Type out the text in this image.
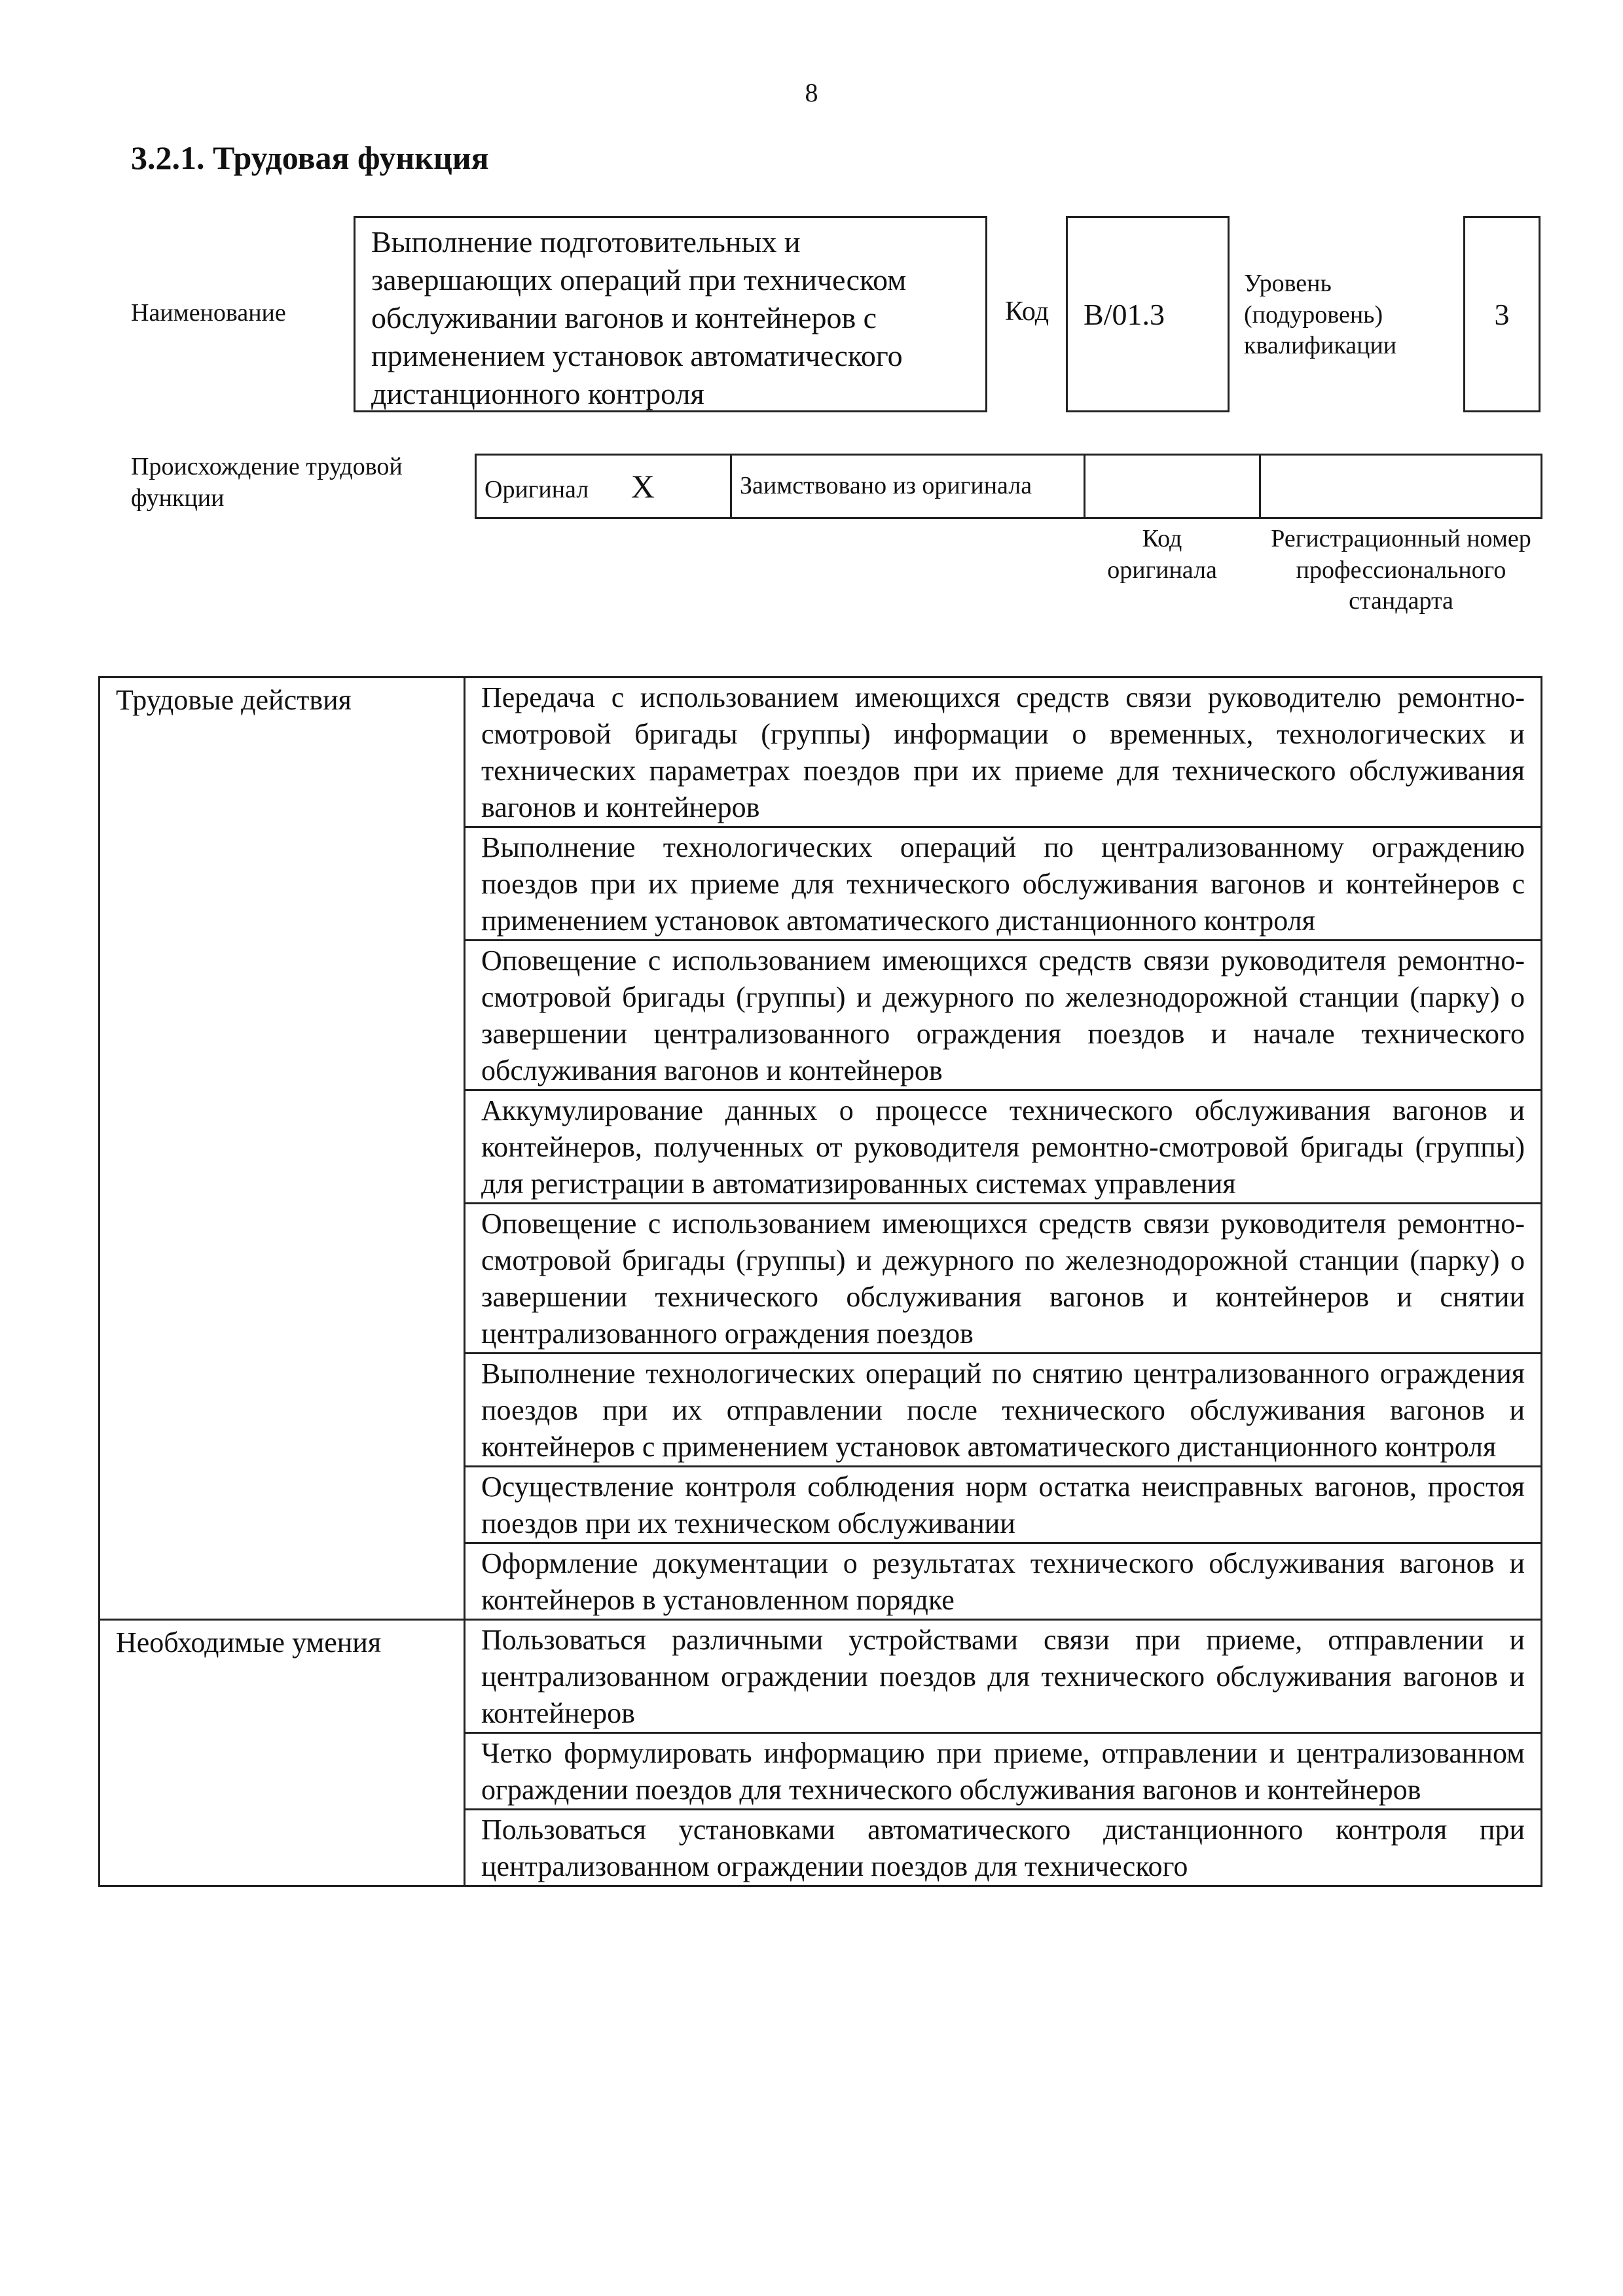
8
3.2.1. Трудовая функция
Наименование
Выполнение подготовительных и завершающих операций при техническом обслуживании вагонов и контейнеров с применением установок автоматического дистанционного контроля
Код B/01.3
Уровень (подуровень) квалификации
3
Происхождение трудовой функции	Оригинал X	Заимствовано из оригинала		
Код оригинала
Регистрационный номер профессионального стандарта
Трудовые действия	Передача с использованием имеющихся средств связи руководителю ремонтно-смотровой бригады (группы) информации о временных, технологических и технических параметрах поездов при их приеме для технического обслуживания вагонов и контейнеров
	Выполнение технологических операций по централизованному ограждению поездов при их приеме для технического обслуживания вагонов и контейнеров с применением установок автоматического дистанционного контроля
	Оповещение с использованием имеющихся средств связи руководителя ремонтно-смотровой бригады (группы) и дежурного по железнодорожной станции (парку) о завершении централизованного ограждения поездов и начале технического обслуживания вагонов и контейнеров
	Аккумулирование данных о процессе технического обслуживания вагонов и контейнеров, полученных от руководителя ремонтно-смотровой бригады (группы) для регистрации в автоматизированных системах управления
	Оповещение с использованием имеющихся средств связи руководителя ремонтно-смотровой бригады (группы) и дежурного по железнодорожной станции (парку) о завершении технического обслуживания вагонов и контейнеров и снятии централизованного ограждения поездов
	Выполнение технологических операций по снятию централизованного ограждения поездов при их отправлении после технического обслуживания вагонов и контейнеров с применением установок автоматического дистанционного контроля
	Осуществление контроля соблюдения норм остатка неисправных вагонов, простоя поездов при их техническом обслуживании
	Оформление документации о результатах технического обслуживания вагонов и контейнеров в установленном порядке
Необходимые умения	Пользоваться различными устройствами связи при приеме, отправлении и централизованном ограждении поездов для технического обслуживания вагонов и контейнеров
	Четко формулировать информацию при приеме, отправлении и централизованном ограждении поездов для технического обслуживания вагонов и контейнеров
	Пользоваться установками автоматического дистанционного контроля при централизованном ограждении поездов для технического
